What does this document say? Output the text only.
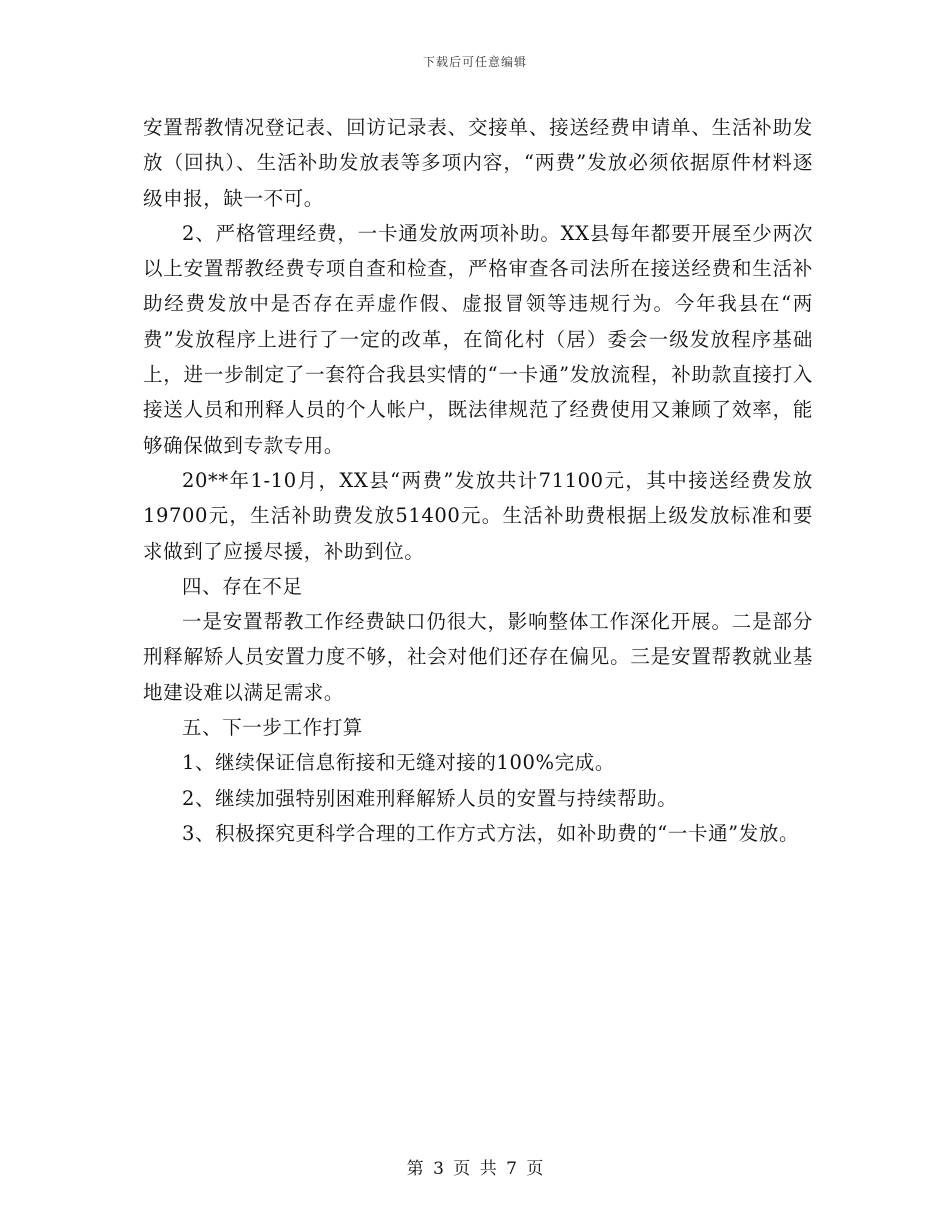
下载后可任意编辑

安置帮教情况登记表、回访记录表、交接单、接送经费申请单、生活补助发放（回执）、生活补助发放表等多项内容，“两费”发放必须依据原件材料逐级申报，缺一不可。

2、严格管理经费，一卡通发放两项补助。XX县每年都要开展至少两次以上安置帮教经费专项自查和检查，严格审查各司法所在接送经费和生活补助经费发放中是否存在弄虚作假、虚报冒领等违规行为。今年我县在“两费”发放程序上进行了一定的改革，在简化村（居）委会一级发放程序基础上，进一步制定了一套符合我县实情的“一卡通”发放流程，补助款直接打入接送人员和刑释人员的个人帐户，既法律规范了经费使用又兼顾了效率，能够确保做到专款专用。

20**年1-10月，XX县“两费”发放共计71100元，其中接送经费发放19700元，生活补助费发放51400元。生活补助费根据上级发放标准和要求做到了应援尽援，补助到位。

四、存在不足

一是安置帮教工作经费缺口仍很大，影响整体工作深化开展。二是部分刑释解矫人员安置力度不够，社会对他们还存在偏见。三是安置帮教就业基地建设难以满足需求。

五、下一步工作打算

1、继续保证信息衔接和无缝对接的100%完成。

2、继续加强特别困难刑释解矫人员的安置与持续帮助。

3、积极探究更科学合理的工作方式方法，如补助费的“一卡通”发放。

第 3 页 共 7 页
